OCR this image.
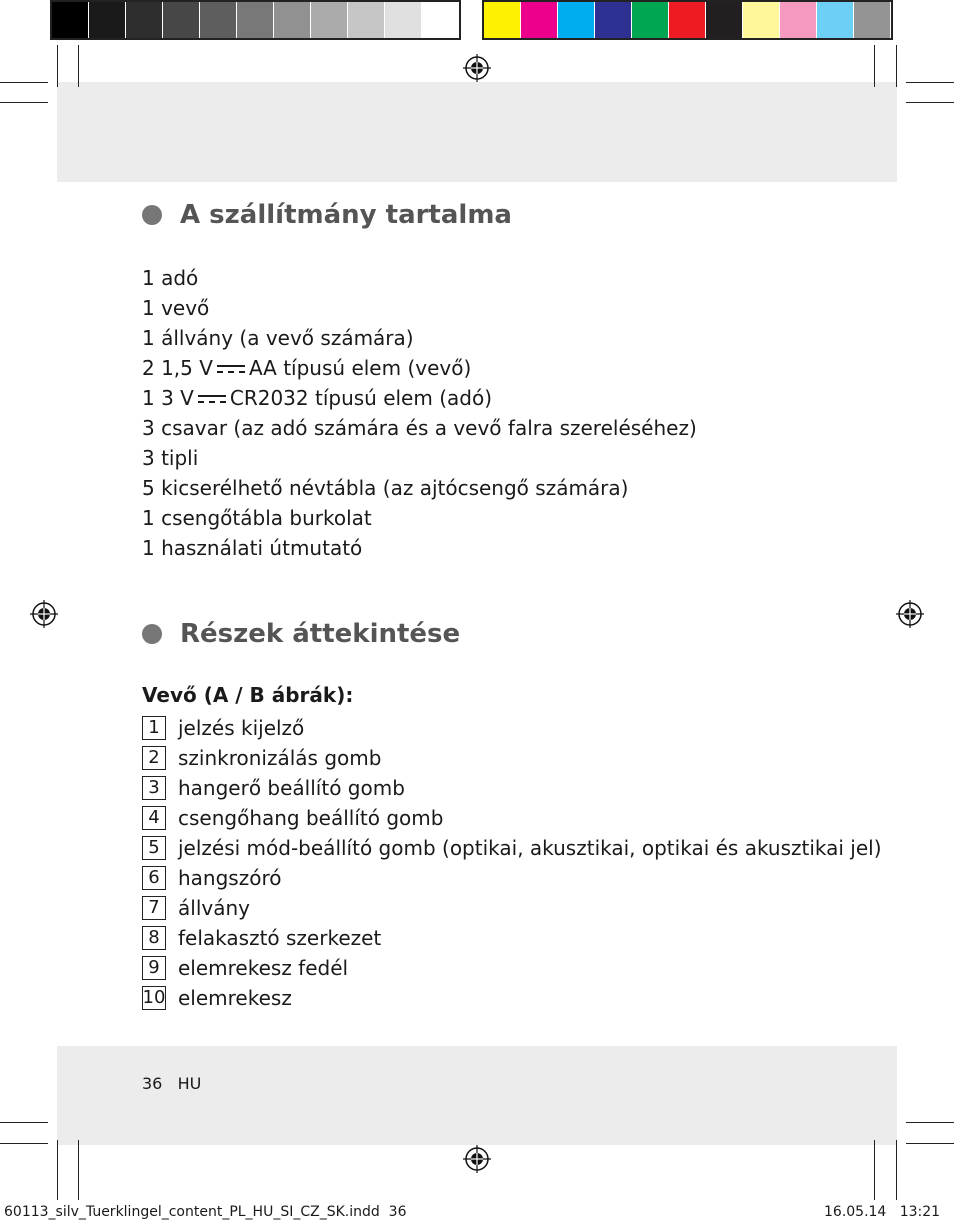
A szállítmány tartalma
1 adó
1 vevő
1 állvány (a vevő számára)
2 1,5 V AA típusú elem (vevő)
1 3 V CR2032 típusú elem (adó)
3 csavar (az adó számára és a vevő falra szereléséhez)
3 tipli
5 kicserélhető névtábla (az ajtócsengő számára)
1 csengőtábla burkolat
1 használati útmutató
Részek áttekintése
Vevő (A / B ábrák):
1 jelzés kijelző
2 szinkronizálás gomb
3 hangerő beállító gomb
4 csengőhang beállító gomb
5 jelzési mód-beállító gomb (optikai, akusztikai, optikai és akusztikai jel)
6 hangszóró
7 állvány
8 felakasztó szerkezet
9 elemrekesz fedél
10 elemrekesz
36 HU
60113_silv_Tuerklingel_content_PL_HU_SI_CZ_SK.indd 36	16.05.14 13:21
